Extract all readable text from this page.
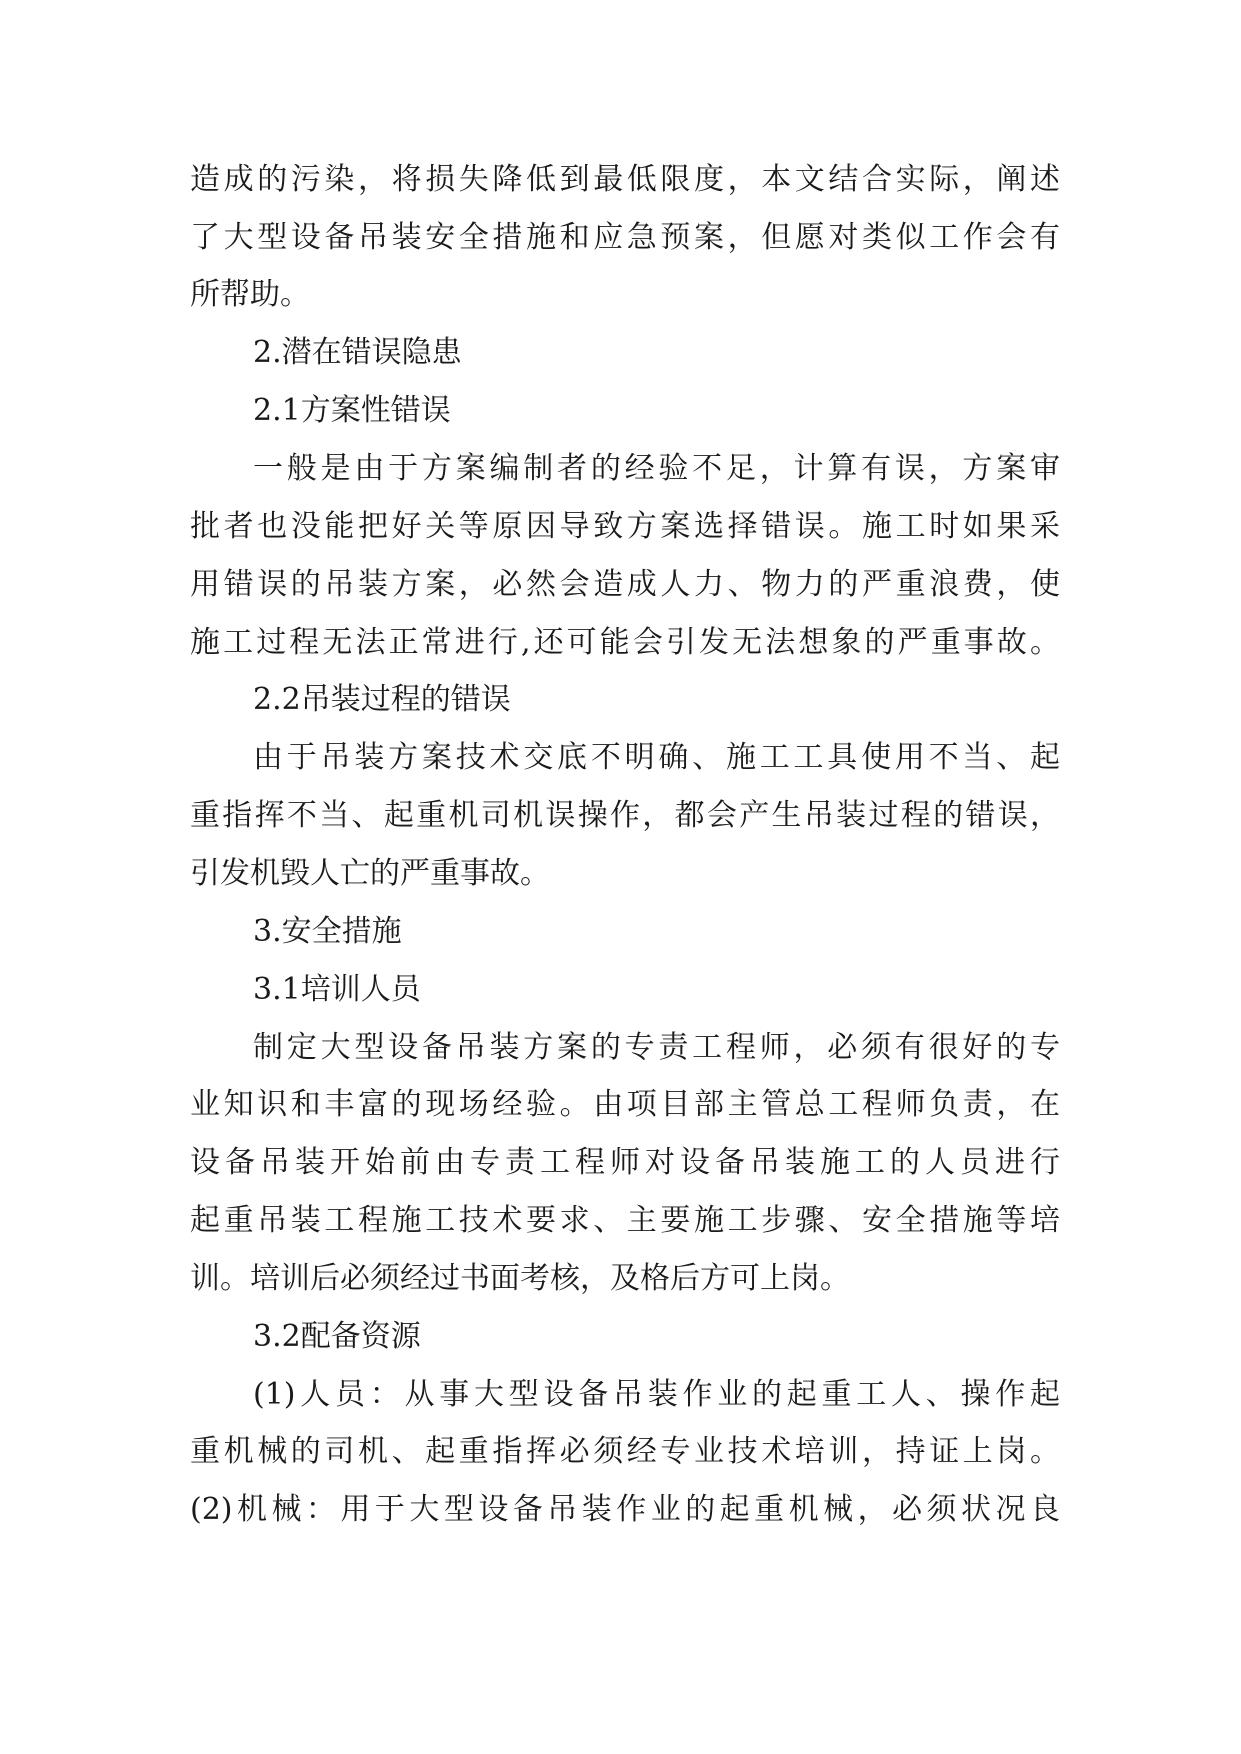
造成的污染，将损失降低到最低限度，本文结合实际，阐述
了大型设备吊装安全措施和应急预案，但愿对类似工作会有
所帮助。
2.潜在错误隐患
2.1方案性错误
一般是由于方案编制者的经验不足，计算有误，方案审
批者也没能把好关等原因导致方案选择错误。施工时如果采
用错误的吊装方案，必然会造成人力、物力的严重浪费，使
施工过程无法正常进行,还可能会引发无法想象的严重事故。
2.2吊装过程的错误
由于吊装方案技术交底不明确、施工工具使用不当、起
重指挥不当、起重机司机误操作，都会产生吊装过程的错误，
引发机毁人亡的严重事故。
3.安全措施
3.1培训人员
制定大型设备吊装方案的专责工程师，必须有很好的专
业知识和丰富的现场经验。由项目部主管总工程师负责，在
设备吊装开始前由专责工程师对设备吊装施工的人员进行
起重吊装工程施工技术要求、主要施工步骤、安全措施等培
训。培训后必须经过书面考核，及格后方可上岗。
3.2配备资源
(1)人员：从事大型设备吊装作业的起重工人、操作起
重机械的司机、起重指挥必须经专业技术培训，持证上岗。
(2)机械：用于大型设备吊装作业的起重机械，必须状况良
